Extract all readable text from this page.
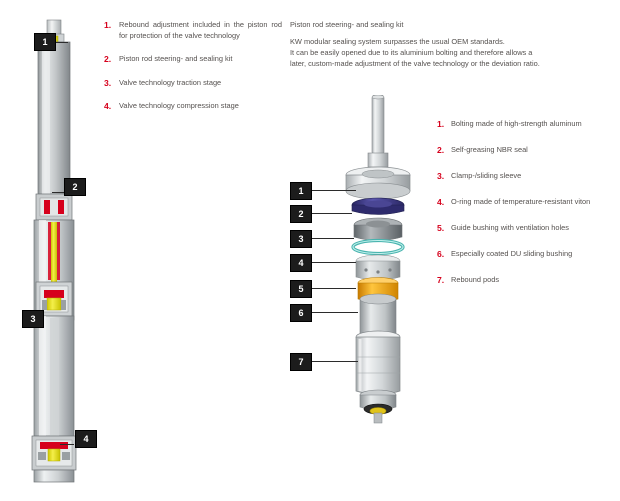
1
2
3
4
1.	Rebound adjustment included in the piston rod for protection of the valve technology
2.	Piston rod steering- and sealing kit
3.	Valve technology traction stage
4.	Valve technology compression stage
Piston rod steering- and sealing kit
KW modular sealing system surpasses the usual OEM standards.
It can be easily opened due to its aluminium bolting and therefore allows a
later, custom-made adjustment of the valve technology or the deviation ratio.
1
2
3
4
5
6
7
1. Bolting made of high-strength aluminum
2. Self-greasing NBR seal
3. Clamp-/sliding sleeve
4. O-ring made of temperature-resistant viton
5. Guide bushing with ventilation holes
6. Especially coated DU sliding bushing
7. Rebound pods
